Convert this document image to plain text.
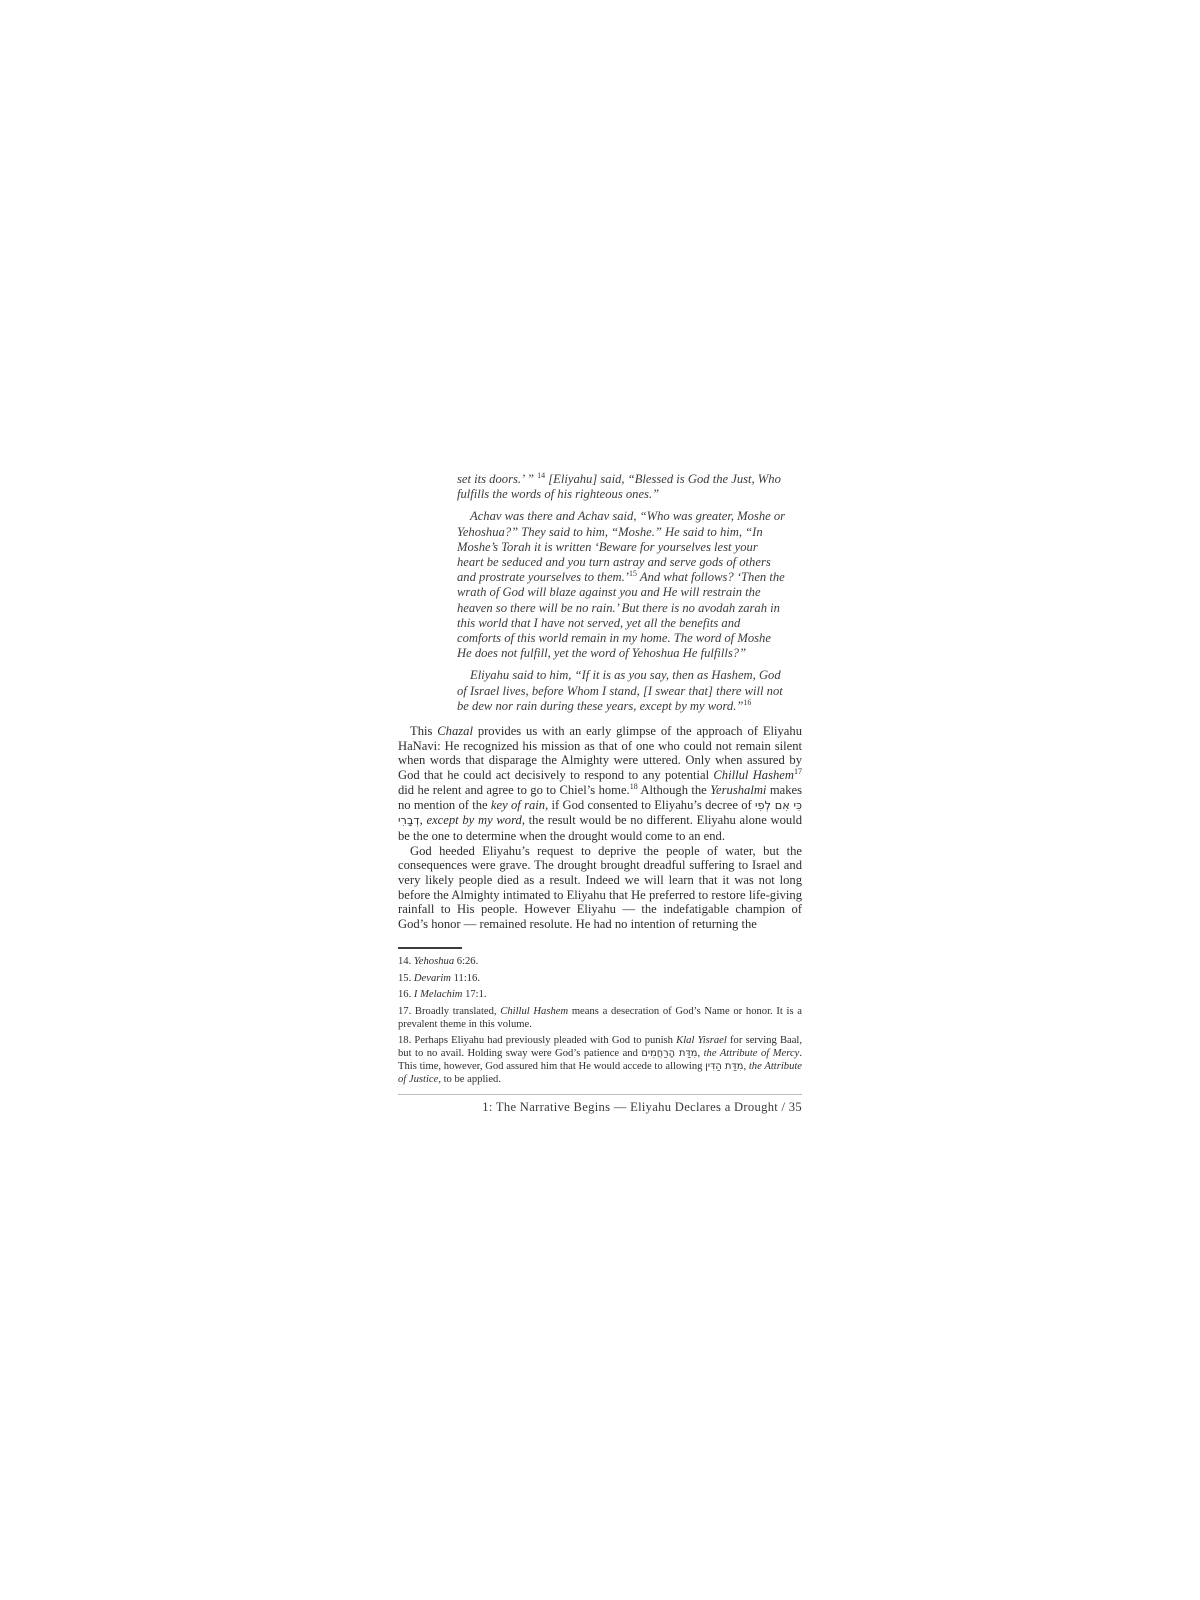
set its doors.’ ” $^{14}$ [Eliyahu] said, “Blessed is God the Just, Who fulfills the words of his righteous ones.”

Achav was there and Achav said, “Who was greater, Moshe or Yehoshua?” They said to him, “Moshe.” He said to him, “In Moshe’s Torah it is written ‘Beware for yourselves lest your heart be seduced and you turn astray and serve gods of others and prostrate yourselves to them.’$^{15}$ And what follows? ‘Then the wrath of God will blaze against you and He will restrain the heaven so there will be no rain.’ But there is no avodah zarah in this world that I have not served, yet all the benefits and comforts of this world remain in my home. The word of Moshe He does not fulfill, yet the word of Yehoshua He fulfills?”

Eliyahu said to him, “If it is as you say, then as Hashem, God of Israel lives, before Whom I stand, [I swear that] there will not be dew nor rain during these years, except by my word.”$^{16}$

This Chazal provides us with an early glimpse of the approach of Eliyahu HaNavi: He recognized his mission as that of one who could not remain silent when words that disparage the Almighty were uttered. Only when assured by God that he could act decisively to respond to any potential Chillul Hashem$^{17}$ did he relent and agree to go to Chiel’s home.$^{18}$ Although the Yerushalmi makes no mention of the key of rain, if God consented to Eliyahu’s decree of כִּי אִם לְפִי דְבָרִי, except by my word, the result would be no different. Eliyahu alone would be the one to determine when the drought would come to an end.

God heeded Eliyahu’s request to deprive the people of water, but the consequences were grave. The drought brought dreadful suffering to Israel and very likely people died as a result. Indeed we will learn that it was not long before the Almighty intimated to Eliyahu that He preferred to restore life-giving rainfall to His people. However Eliyahu — the indefatigable champion of God’s honor — remained resolute. He had no intention of returning the

14. Yehoshua 6:26.

15. Devarim 11:16.

16. I Melachim 17:1.

17. Broadly translated, Chillul Hashem means a desecration of God’s Name or honor. It is a prevalent theme in this volume.

18. Perhaps Eliyahu had previously pleaded with God to punish Klal Yisrael for serving Baal, but to no avail. Holding sway were God’s patience and מִדַּת הָרַחֲמִים, the Attribute of Mercy. This time, however, God assured him that He would accede to allowing מִדַּת הַדִּין, the Attribute of Justice, to be applied.

1: The Narrative Begins — Eliyahu Declares a Drought / 35
